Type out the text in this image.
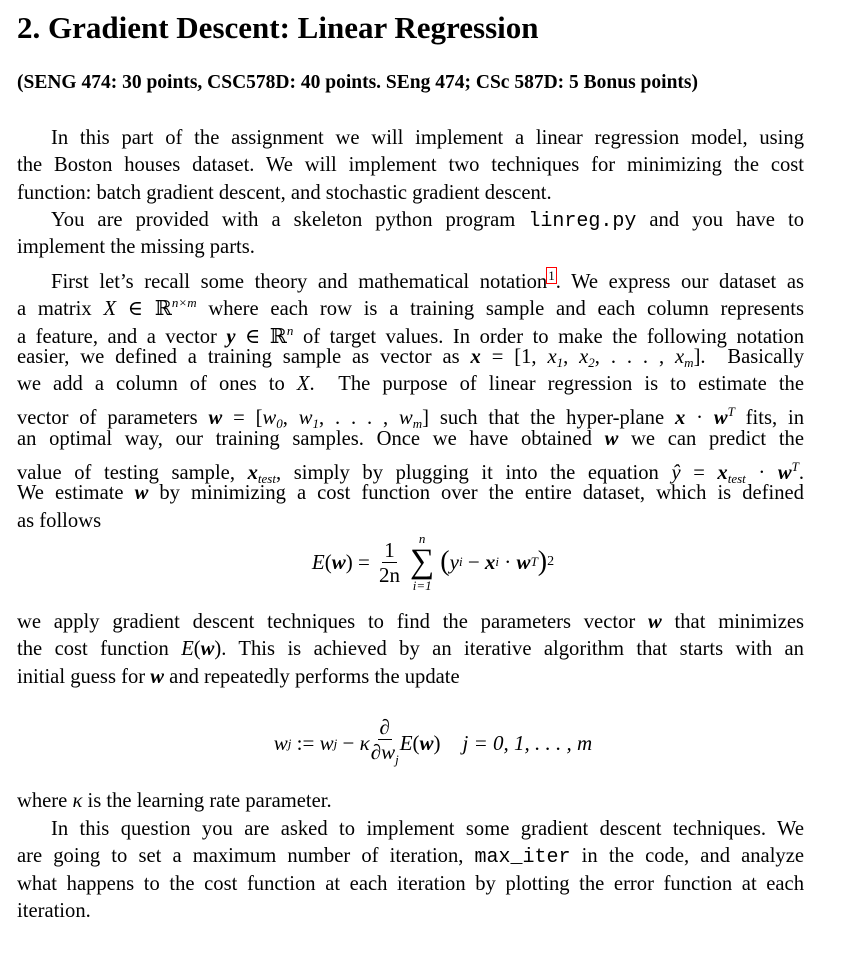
2. Gradient Descent: Linear Regression
(SENG 474: 30 points, CSC578D: 40 points. SEng 474; CSc 587D: 5 Bonus points)
In this part of the assignment we will implement a linear regression model, using
the Boston houses dataset. We will implement two techniques for minimizing the cost
function: batch gradient descent, and stochastic gradient descent.
You are provided with a skeleton python program linreg.py and you have to
implement the missing parts.
First let’s recall some theory and mathematical notation$^1$. We express our dataset as
a matrix X ∈ ℝ$^{n\times m}$ where each row is a training sample and each column represents
a feature, and a vector y ∈ ℝ$^n$ of target values. In order to make the following notation
easier, we defined a training sample as vector as x = [1, x1, x2, . . . , xm].  Basically
we add a column of ones to X.  The purpose of linear regression is to estimate the
vector of parameters w = [w0, w1, . . . , wm] such that the hyper-plane $x \cdot w^T$ fits, in
an optimal way, our training samples. Once we have obtained w we can predict the
value of testing sample, xtest, simply by plugging it into the equation ŷ = xtest · $w^T$.
We estimate w by minimizing a cost function over the entire dataset, which is defined
as follows
E ( w ) = $\frac{1}{2n}$ n
∑
i=1
( y i − x i · w T ) 2
we apply gradient descent techniques to find the parameters vector w that minimizes
the cost function E(w). This is achieved by an iterative algorithm that starts with an
initial guess for w and repeatedly performs the update
w j := w j − κ $\frac{\partial}{\partial w_j}$ E ( w ) j = 0, 1, . . . , m
where κ is the learning rate parameter.
In this question you are asked to implement some gradient descent techniques. We
are going to set a maximum number of iteration, max_iter in the code, and analyze
what happens to the cost function at each iteration by plotting the error function at each
iteration.
